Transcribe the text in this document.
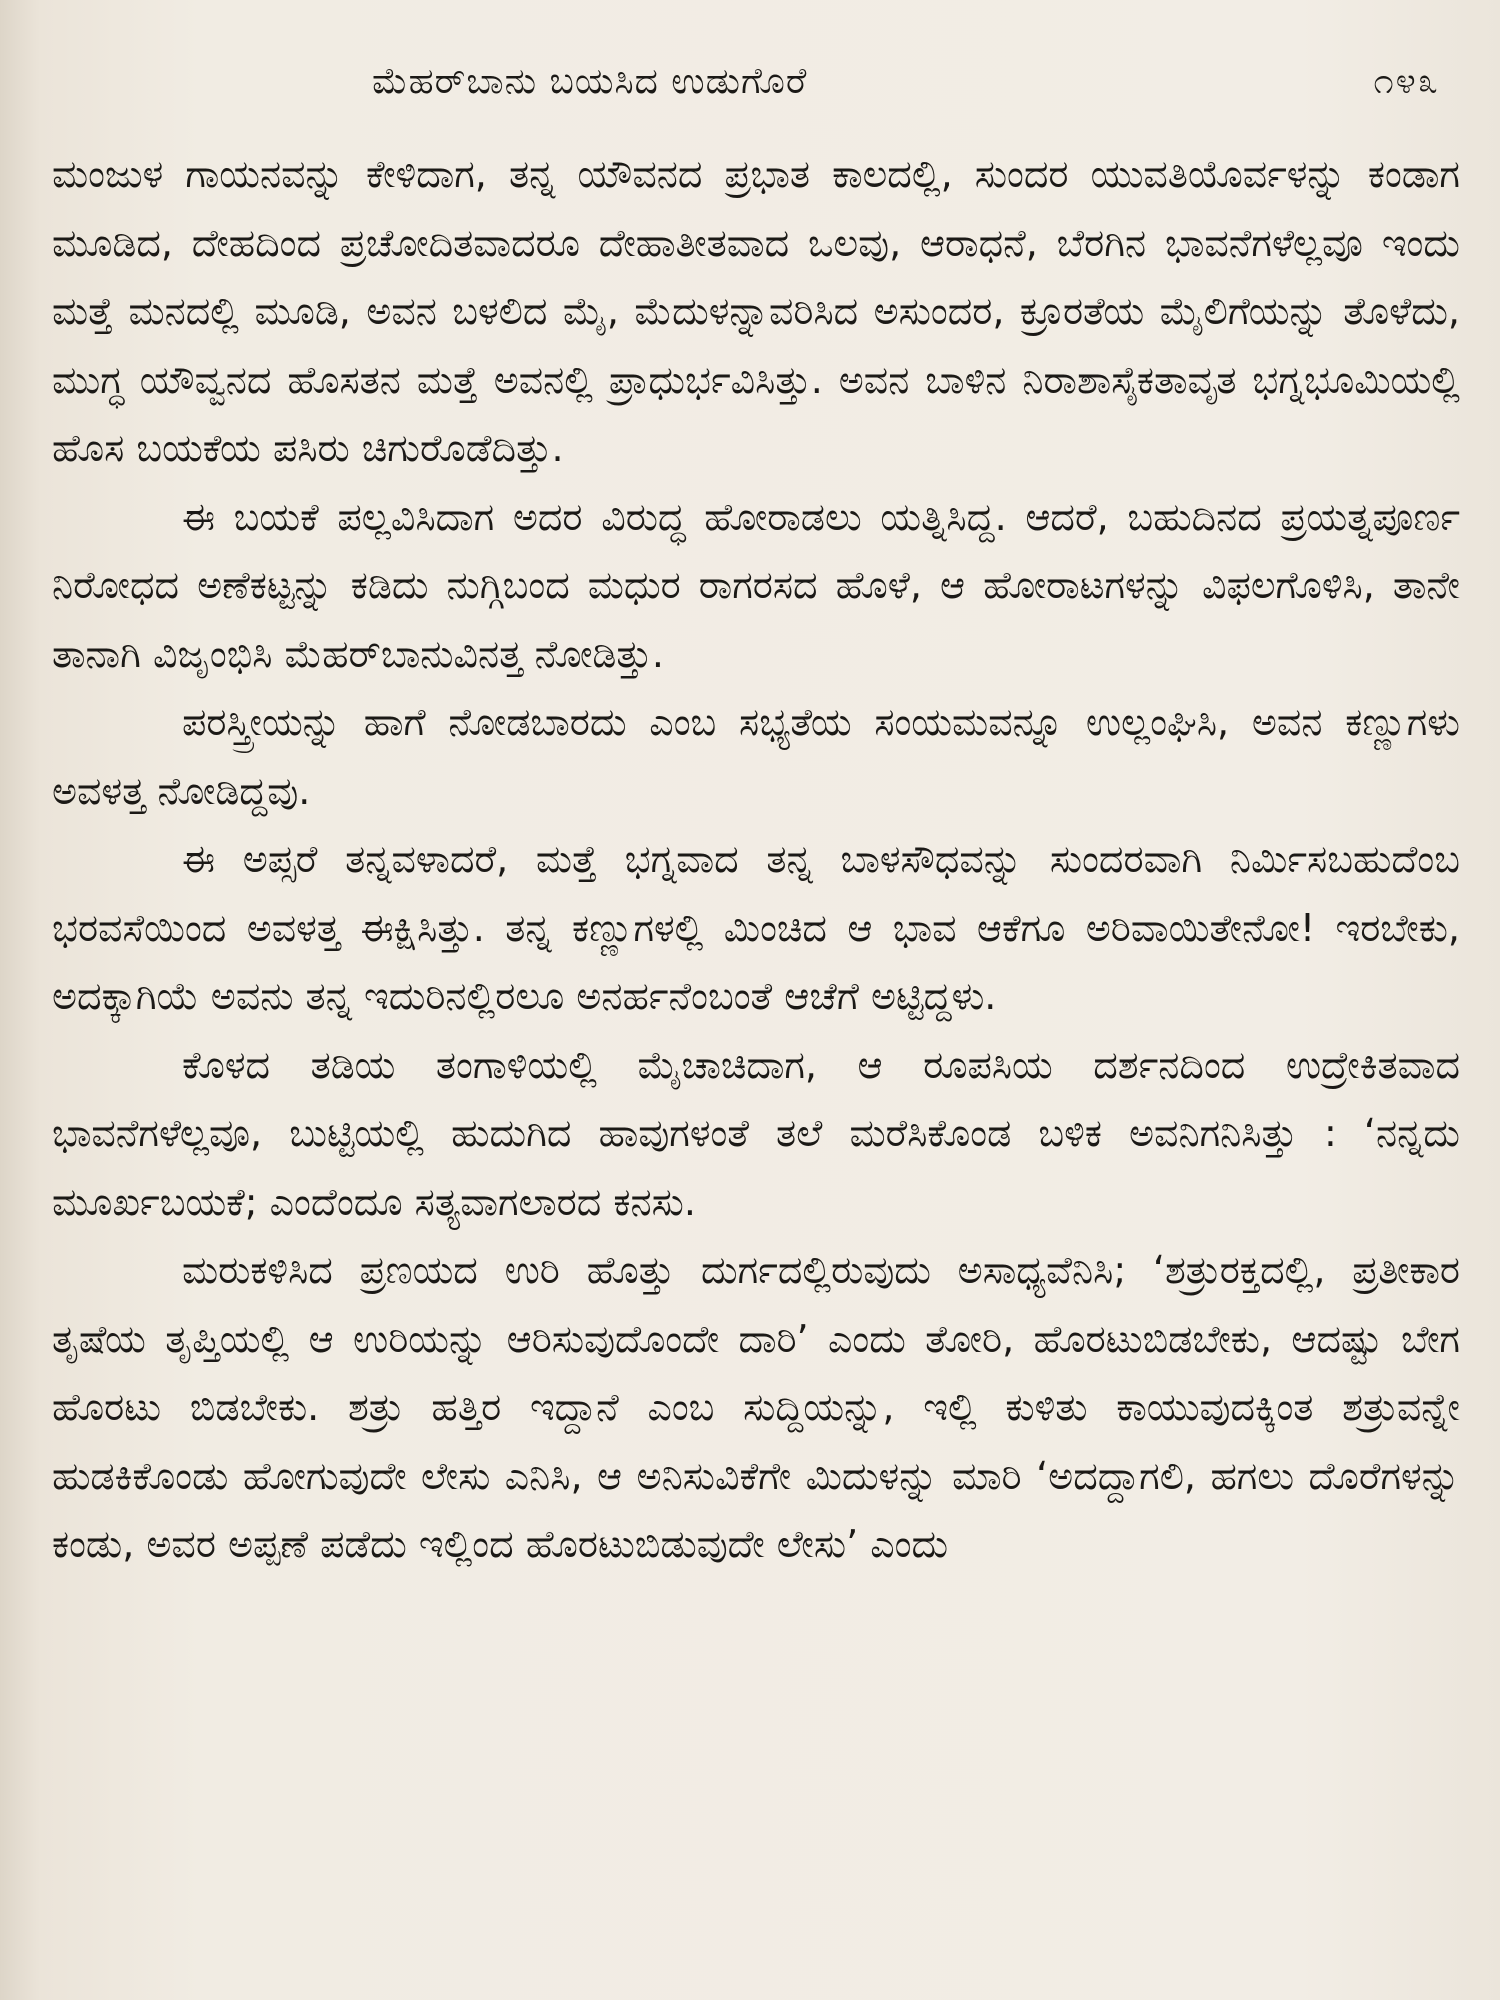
ಮೆಹರ್‌ಬಾನು ಬಯಸಿದ ಉಡುಗೊರೆ	೧೪೩

ಮಂಜುಳ ಗಾಯನವನ್ನು ಕೇಳಿದಾಗ, ತನ್ನ ಯೌವನದ ಪ್ರಭಾತ ಕಾಲದಲ್ಲಿ, ಸುಂದರ ಯುವತಿಯೊರ್ವಳನ್ನು ಕಂಡಾಗ ಮೂಡಿದ, ದೇಹದಿಂದ ಪ್ರಚೋದಿತವಾದರೂ ದೇಹಾತೀತವಾದ ಒಲವು, ಆರಾಧನೆ, ಬೆರಗಿನ ಭಾವನೆಗಳೆಲ್ಲವೂ ಇಂದು ಮತ್ತೆ ಮನದಲ್ಲಿ ಮೂಡಿ, ಅವನ ಬಳಲಿದ ಮೈ, ಮೆದುಳನ್ನಾವರಿಸಿದ ಅಸುಂದರ, ಕ್ರೂರತೆಯ ಮೈಲಿಗೆಯನ್ನು ತೊಳೆದು, ಮುಗ್ಧ ಯೌವ್ವನದ ಹೊಸತನ ಮತ್ತೆ ಅವನಲ್ಲಿ ಪ್ರಾಧುರ್ಭವಿಸಿತ್ತು. ಅವನ ಬಾಳಿನ ನಿರಾಶಾಸೈಕತಾವೃತ ಭಗ್ನಭೂಮಿಯಲ್ಲಿ ಹೊಸ ಬಯಕೆಯ ಪಸಿರು ಚಿಗುರೊಡೆದಿತ್ತು.

ಈ ಬಯಕೆ ಪಲ್ಲವಿಸಿದಾಗ ಅದರ ವಿರುದ್ಧ ಹೋರಾಡಲು ಯತ್ನಿಸಿದ್ದ. ಆದರೆ, ಬಹುದಿನದ ಪ್ರಯತ್ನಪೂರ್ಣ ನಿರೋಧದ ಅಣೆಕಟ್ಟನ್ನು ಕಡಿದು ನುಗ್ಗಿಬಂದ ಮಧುರ ರಾಗರಸದ ಹೊಳೆ, ಆ ಹೋರಾಟಗಳನ್ನು ವಿಫಲಗೊಳಿಸಿ, ತಾನೇ ತಾನಾಗಿ ವಿಜೃಂಭಿಸಿ ಮೆಹರ್‌ಬಾನುವಿನತ್ತ ನೋಡಿತ್ತು.

ಪರಸ್ತ್ರೀಯನ್ನು ಹಾಗೆ ನೋಡಬಾರದು ಎಂಬ ಸಭ್ಯತೆಯ ಸಂಯಮವನ್ನೂ ಉಲ್ಲಂಘಿಸಿ, ಅವನ ಕಣ್ಣುಗಳು ಅವಳತ್ತ ನೋಡಿದ್ದವು.

ಈ ಅಪ್ಸರೆ ತನ್ನವಳಾದರೆ, ಮತ್ತೆ ಭಗ್ನವಾದ ತನ್ನ ಬಾಳಸೌಧವನ್ನು ಸುಂದರವಾಗಿ ನಿರ್ಮಿಸಬಹುದೆಂಬ ಭರವಸೆಯಿಂದ ಅವಳತ್ತ ಈಕ್ಷಿಸಿತ್ತು. ತನ್ನ ಕಣ್ಣುಗಳಲ್ಲಿ ಮಿಂಚಿದ ಆ ಭಾವ ಆಕೆಗೂ ಅರಿವಾಯಿತೇನೋ! ಇರಬೇಕು, ಅದಕ್ಕಾಗಿಯೆ ಅವನು ತನ್ನ ಇದುರಿನಲ್ಲಿರಲೂ ಅನರ್ಹನೆಂಬಂತೆ ಆಚೆಗೆ ಅಟ್ಟಿದ್ದಳು.

ಕೊಳದ ತಡಿಯ ತಂಗಾಳಿಯಲ್ಲಿ ಮೈಚಾಚಿದಾಗ, ಆ ರೂಪಸಿಯ ದರ್ಶನದಿಂದ ಉದ್ರೇಕಿತವಾದ ಭಾವನೆಗಳೆಲ್ಲವೂ, ಬುಟ್ಟಿಯಲ್ಲಿ ಹುದುಗಿದ ಹಾವುಗಳಂತೆ ತಲೆ ಮರೆಸಿಕೊಂಡ ಬಳಿಕ ಅವನಿಗನಿಸಿತ್ತು : ‘ನನ್ನದು ಮೂರ್ಖಬಯಕೆ; ಎಂದೆಂದೂ ಸತ್ಯವಾಗಲಾರದ ಕನಸು.

ಮರುಕಳಿಸಿದ ಪ್ರಣಯದ ಉರಿ ಹೊತ್ತು ದುರ್ಗದಲ್ಲಿರುವುದು ಅಸಾಧ್ಯವೆನಿಸಿ; ‘ಶತ್ರುರಕ್ತದಲ್ಲಿ, ಪ್ರತೀಕಾರ ತೃಷೆಯ ತೃಪ್ತಿಯಲ್ಲಿ ಆ ಉರಿಯನ್ನು ಆರಿಸುವುದೊಂದೇ ದಾರಿ’ ಎಂದು ತೋರಿ, ಹೊರಟುಬಿಡಬೇಕು, ಆದಷ್ಟು ಬೇಗ ಹೊರಟು ಬಿಡಬೇಕು. ಶತ್ರು ಹತ್ತಿರ ಇದ್ದಾನೆ ಎಂಬ ಸುದ್ದಿಯನ್ನು, ಇಲ್ಲಿ ಕುಳಿತು ಕಾಯುವುದಕ್ಕಿಂತ ಶತ್ರುವನ್ನೇ ಹುಡಕಿಕೊಂಡು ಹೋಗುವುದೇ ಲೇಸು ಎನಿಸಿ, ಆ ಅನಿಸುವಿಕೆಗೇ ಮಿದುಳನ್ನು ಮಾರಿ ‘ಅದದ್ದಾಗಲಿ, ಹಗಲು ದೊರೆಗಳನ್ನು ಕಂಡು, ಅವರ ಅಪ್ಪಣೆ ಪಡೆದು ಇಲ್ಲಿಂದ ಹೊರಟುಬಿಡುವುದೇ ಲೇಸು’ ಎಂದು
